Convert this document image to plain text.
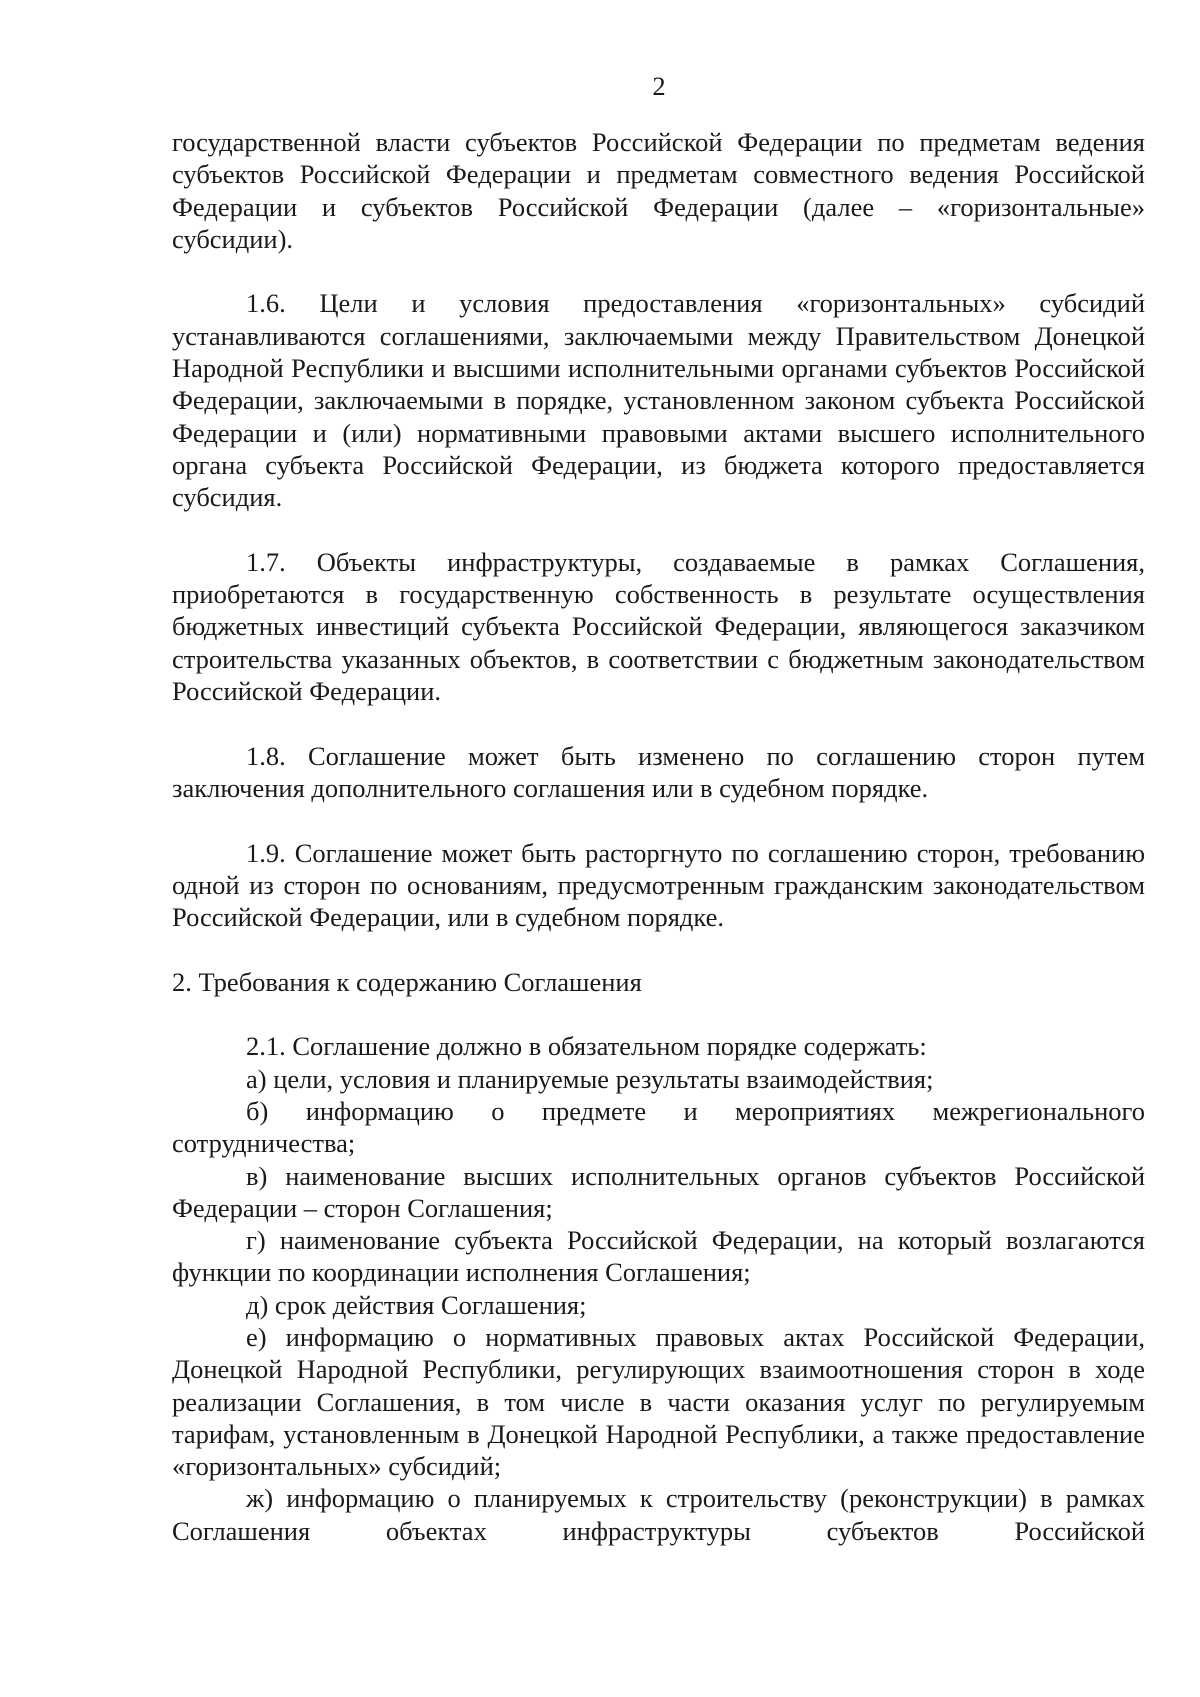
2

государственной власти субъектов Российской Федерации по предметам ведения субъектов Российской Федерации и предметам совместного ведения Российской Федерации и субъектов Российской Федерации (далее – «горизонтальные» субсидии).

1.6. Цели и условия предоставления «горизонтальных» субсидий устанавливаются соглашениями, заключаемыми между Правительством Донецкой Народной Республики и высшими исполнительными органами субъектов Российской Федерации, заключаемыми в порядке, установленном законом субъекта Российской Федерации и (или) нормативными правовыми актами высшего исполнительного органа субъекта Российской Федерации, из бюджета которого предоставляется субсидия.

1.7. Объекты инфраструктуры, создаваемые в рамках Соглашения, приобретаются в государственную собственность в результате осуществления бюджетных инвестиций субъекта Российской Федерации, являющегося заказчиком строительства указанных объектов, в соответствии с бюджетным законодательством Российской Федерации.

1.8. Соглашение может быть изменено по соглашению сторон путем заключения дополнительного соглашения или в судебном порядке.

1.9. Соглашение может быть расторгнуто по соглашению сторон, требованию одной из сторон по основаниям, предусмотренным гражданским законодательством Российской Федерации, или в судебном порядке.

2. Требования к содержанию Соглашения

2.1. Соглашение должно в обязательном порядке содержать:

а) цели, условия и планируемые результаты взаимодействия;

б) информацию о предмете и мероприятиях межрегионального сотрудничества;

в) наименование высших исполнительных органов субъектов Российской Федерации – сторон Соглашения;

г) наименование субъекта Российской Федерации, на который возлагаются функции по координации исполнения Соглашения;

д) срок действия Соглашения;

е) информацию о нормативных правовых актах Российской Федерации, Донецкой Народной Республики, регулирующих взаимоотношения сторон в ходе реализации Соглашения, в том числе в части оказания услуг по регулируемым тарифам, установленным в Донецкой Народной Республики, а также предоставление «горизонтальных» субсидий;

ж) информацию о планируемых к строительству (реконструкции) в рамках Соглашения объектах инфраструктуры субъектов Российской
